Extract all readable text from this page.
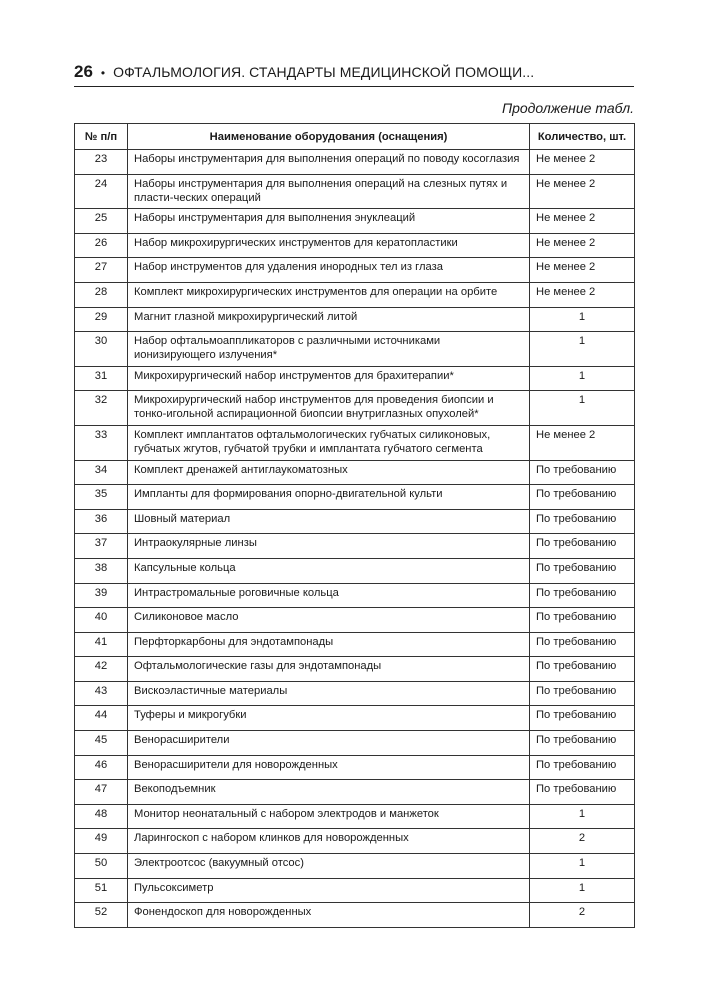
26 • ОФТАЛЬМОЛОГИЯ. СТАНДАРТЫ МЕДИЦИНСКОЙ ПОМОЩИ...
Продолжение табл.
№ п/п	Наименование оборудования (оснащения)	Количество, шт.
23	Наборы инструментария для выполнения операций по поводу косоглазия	Не менее 2
24	Наборы инструментария для выполнения операций на слезных путях и пласти-ческих операций	Не менее 2
25	Наборы инструментария для выполнения энуклеаций	Не менее 2
26	Набор микрохирургических инструментов для кератопластики	Не менее 2
27	Набор инструментов для удаления инородных тел из глаза	Не менее 2
28	Комплект микрохирургических инструментов для операции на орбите	Не менее 2
29	Магнит глазной микрохирургический литой	1
30	Набор офтальмоаппликаторов с различными источниками ионизирующего излучения*	1
31	Микрохирургический набор инструментов для брахитерапии*	1
32	Микрохирургический набор инструментов для проведения биопсии и тонко-игольной аспирационной биопсии внутриглазных опухолей*	1
33	Комплект имплантатов офтальмологических губчатых силиконовых, губчатых жгутов, губчатой трубки и имплантата губчатого сегмента	Не менее 2
34	Комплект дренажей антиглаукоматозных	По требованию
35	Импланты для формирования опорно-двигательной культи	По требованию
36	Шовный материал	По требованию
37	Интраокулярные линзы	По требованию
38	Капсульные кольца	По требованию
39	Интрастромальные роговичные кольца	По требованию
40	Силиконовое масло	По требованию
41	Перфторкарбоны для эндотампонады	По требованию
42	Офтальмологические газы для эндотампонады	По требованию
43	Вискоэластичные материалы	По требованию
44	Туферы и микрогубки	По требованию
45	Венорасширители	По требованию
46	Венорасширители для новорожденных	По требованию
47	Векоподъемник	По требованию
48	Монитор неонатальный с набором электродов и манжеток	1
49	Ларингоскоп с набором клинков для новорожденных	2
50	Электроотсос (вакуумный отсос)	1
51	Пульсоксиметр	1
52	Фонендоскоп для новорожденных	2
